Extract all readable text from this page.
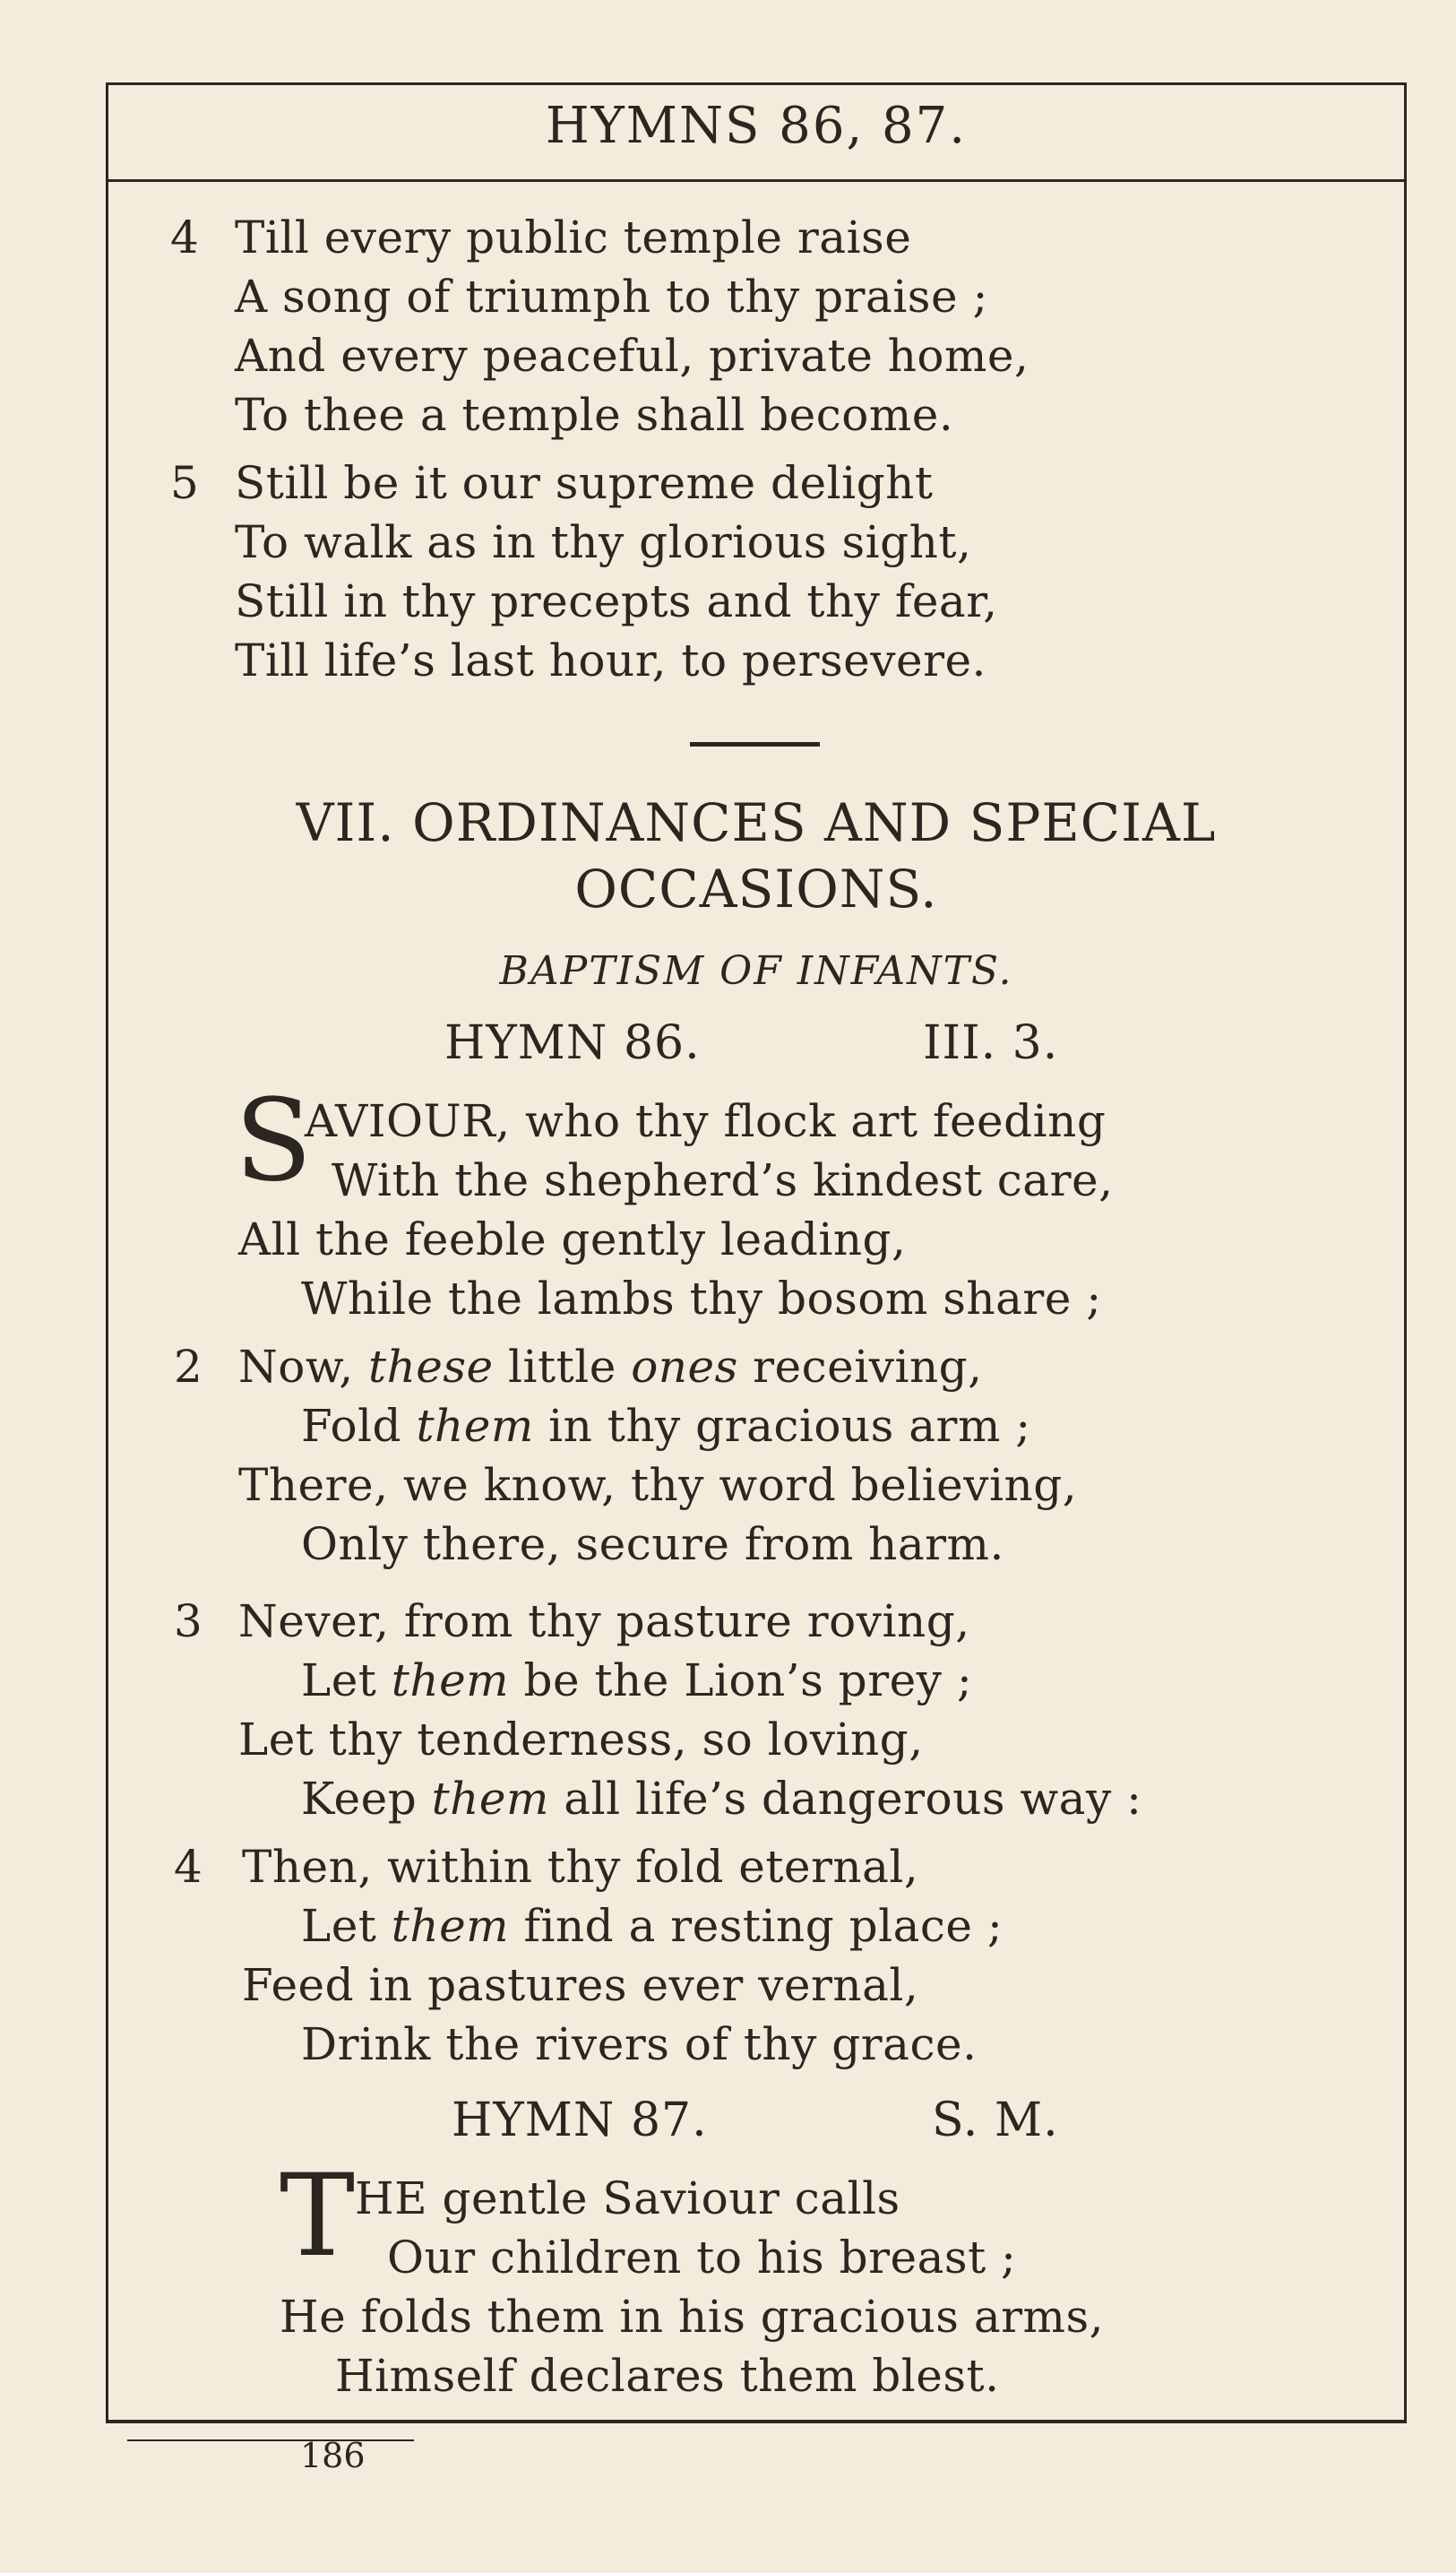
HYMNS 86, 87.
4 Till every public temple raise
A song of triumph to thy praise ;
And every peaceful, private home,
To thee a temple shall become.
5 Still be it our supreme delight
To walk as in thy glorious sight,
Still in thy precepts and thy fear,
Till life’s last hour, to persevere.
VII. ORDINANCES AND SPECIAL
OCCASIONS.
BAPTISM OF INFANTS.
HYMN 86.	III. 3.
S
AVIOUR, who thy flock art feeding
With the shepherd’s kindest care,
All the feeble gently leading,
While the lambs thy bosom share ;
2 Now, these little ones receiving,
Fold them in thy gracious arm ;
There, we know, thy word believing,
Only there, secure from harm.
3 Never, from thy pasture roving,
Let them be the Lion’s prey ;
Let thy tenderness, so loving,
Keep them all life’s dangerous way :
4 Then, within thy fold eternal,
Let them find a resting place ;
Feed in pastures ever vernal,
Drink the rivers of thy grace.
HYMN 87.	S. M.
T HE gentle Saviour calls
Our children to his breast ;
He folds them in his gracious arms,
Himself declares them blest.
186
